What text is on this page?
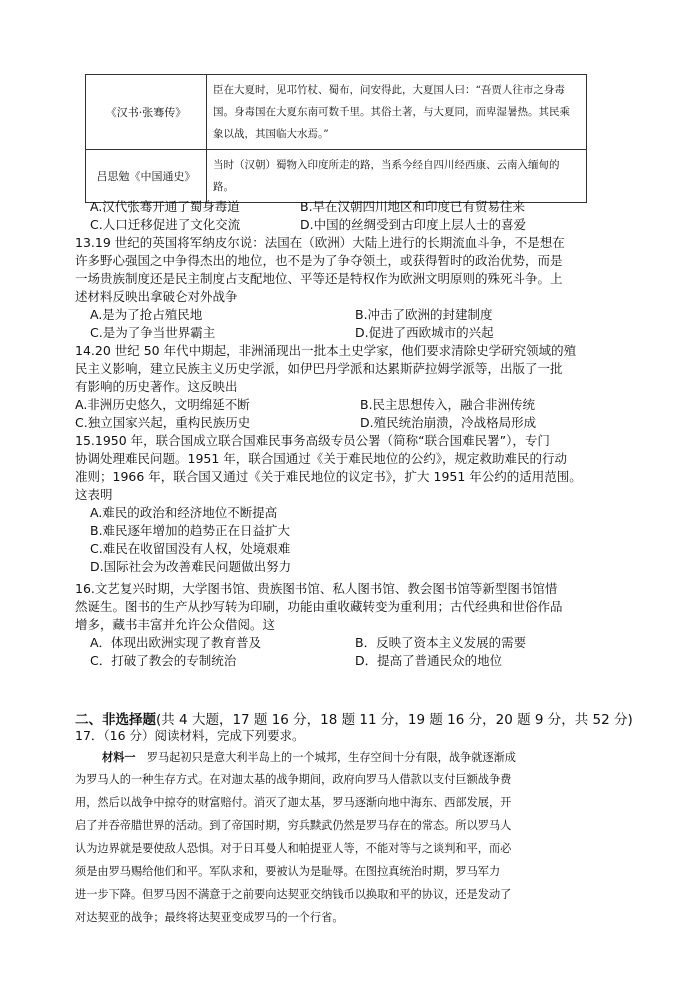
《汉书·张骞传》	臣在大夏时，见邛竹杖、蜀布，问安得此，大夏国人曰：“吾贾人往市之身毒国。身毒国在大夏东南可数千里。其俗土著，与大夏同，而卑湿暑热。其民乘象以战，其国临大水焉。”
吕思勉《中国通史》	当时（汉朝）蜀物入印度所走的路，当系今经自四川经西康、云南入缅甸的路。
A.汉代张骞开通了蜀身毒道	B.早在汉朝四川地区和印度已有贸易往来
C.人口迁移促进了文化交流	D.中国的丝绸受到古印度上层人士的喜爱
13.19 世纪的英国将军纳皮尔说：法国在（欧洲）大陆上进行的长期流血斗争，不是想在
许多野心强国之中争得杰出的地位，也不是为了争夺领土，或获得暂时的政治优势，而是
一场贵族制度还是民主制度占支配地位、平等还是特权作为欧洲文明原则的殊死斗争。上
述材料反映出拿破仑对外战争
A.是为了抢占殖民地	B.冲击了欧洲的封建制度
C.是为了争当世界霸主	D.促进了西欧城市的兴起
14.20 世纪 50 年代中期起，非洲涌现出一批本土史学家，他们要求清除史学研究领域的殖
民主义影响，建立民族主义历史学派，如伊巴丹学派和达累斯萨拉姆学派等，出版了一批
有影响的历史著作。这反映出
A.非洲历史悠久，文明绵延不断	B.民主思想传入，融合非洲传统
C.独立国家兴起，重构民族历史	D.殖民统治崩溃，冷战格局形成
15.1950 年，联合国成立联合国难民事务高级专员公署（简称“联合国难民署”），专门
协调处理难民问题。1951 年，联合国通过《关于难民地位的公约》，规定救助难民的行动
准则；1966 年，联合国又通过《关于难民地位的议定书》，扩大 1951 年公约的适用范围。
这表明
A.难民的政治和经济地位不断提高
B.难民逐年增加的趋势正在日益扩大
C.难民在收留国没有人权，处境艰难
D.国际社会为改善难民问题做出努力
16.文艺复兴时期，大学图书馆、贵族图书馆、私人图书馆、教会图书馆等新型图书馆惜
然诞生。图书的生产从抄写转为印刷，功能由重收藏转变为重利用；古代经典和世俗作品
增多，藏书丰富并允许公众借阅。这
A．体现出欧洲实现了教育普及	B．反映了资本主义发展的需要
C．打破了教会的专制统治	D．提高了普通民众的地位
二、非选择题(共 4 大题，17 题 16 分，18 题 11 分，19 题 16 分，20 题 9 分，共 52 分)
17．（16 分）阅读材料，完成下列要求。
材料一  罗马起初只是意大利半岛上的一个城邦，生存空间十分有限，战争就逐渐成
为罗马人的一种生存方式。在对迦太基的战争期间，政府向罗马人借款以支付巨额战争费
用，然后以战争中掠夺的财富赔付。消灭了迦太基，罗马逐渐向地中海东、西部发展，开
启了并吞帝腊世界的活动。到了帝国时期，穷兵黩武仍然是罗马存在的常态。所以罗马人
认为边界就是要使敌人恐惧。对于日耳曼人和帕提亚人等，不能对等与之谈判和平，而必
须是由罗马赐给他们和平。军队求和，要被认为是耻辱。在图拉真统治时期，罗马军力
进一步下降。但罗马因不满意于之前要向达契亚交纳钱币以换取和平的协议，还是发动了
对达契亚的战争；最终将达契亚变成罗马的一个行省。
